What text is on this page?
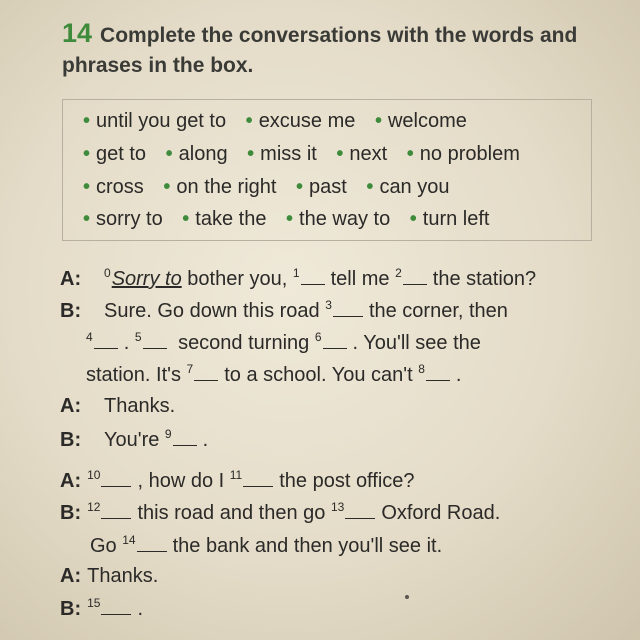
14 Complete the conversations with the words and phrases in the box.
• until you get to • excuse me • welcome
• get to • along • miss it • next • no problem
• cross • on the right • past • can you
• sorry to • take the • the way to • turn left
A: $^0$Sorry to bother you, $^1$ tell me $^2$ the station?
B: Sure. Go down this road $^3$ the corner, then
$^4$ . $^5$ second turning $^6$ . You'll see the
station. It's $^7$ to a school. You can't $^8$ .
A: Thanks.
B: You're $^9$ .
A: $^{10}$ , how do I $^{11}$ the post office?
B: $^{12}$ this road and then go $^{13}$ Oxford Road.
Go $^{14}$ the bank and then you'll see it.
A: Thanks.
B: $^{15}$ .
